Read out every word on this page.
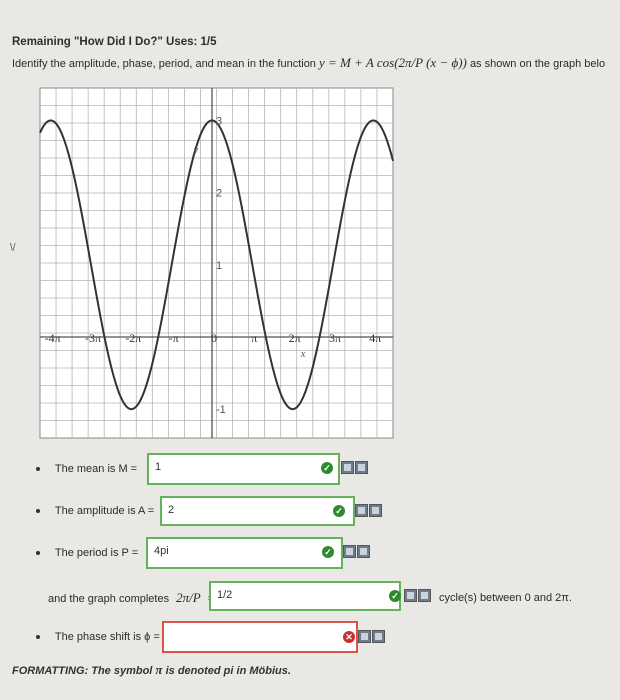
Remaining "How Did I Do?" Uses: 1/5
Identify the amplitude, phase, period, and mean in the function y = M + A cos(2π/P (x − ϕ)) as shown on the graph belo
-4π -3π -2π -π	0	π	2π 3π 4π
3
2
1
-1
x
y
\/
The mean is M =	1	✓
The amplitude is A =	2	✓
The period is P =	4pi	✓
and the graph completes 2π/P	1/2	✓	cycle(s) between 0 and 2π.
The phase shift is ϕ =	✕
FORMATTING: The symbol π is denoted pi in Möbius.
